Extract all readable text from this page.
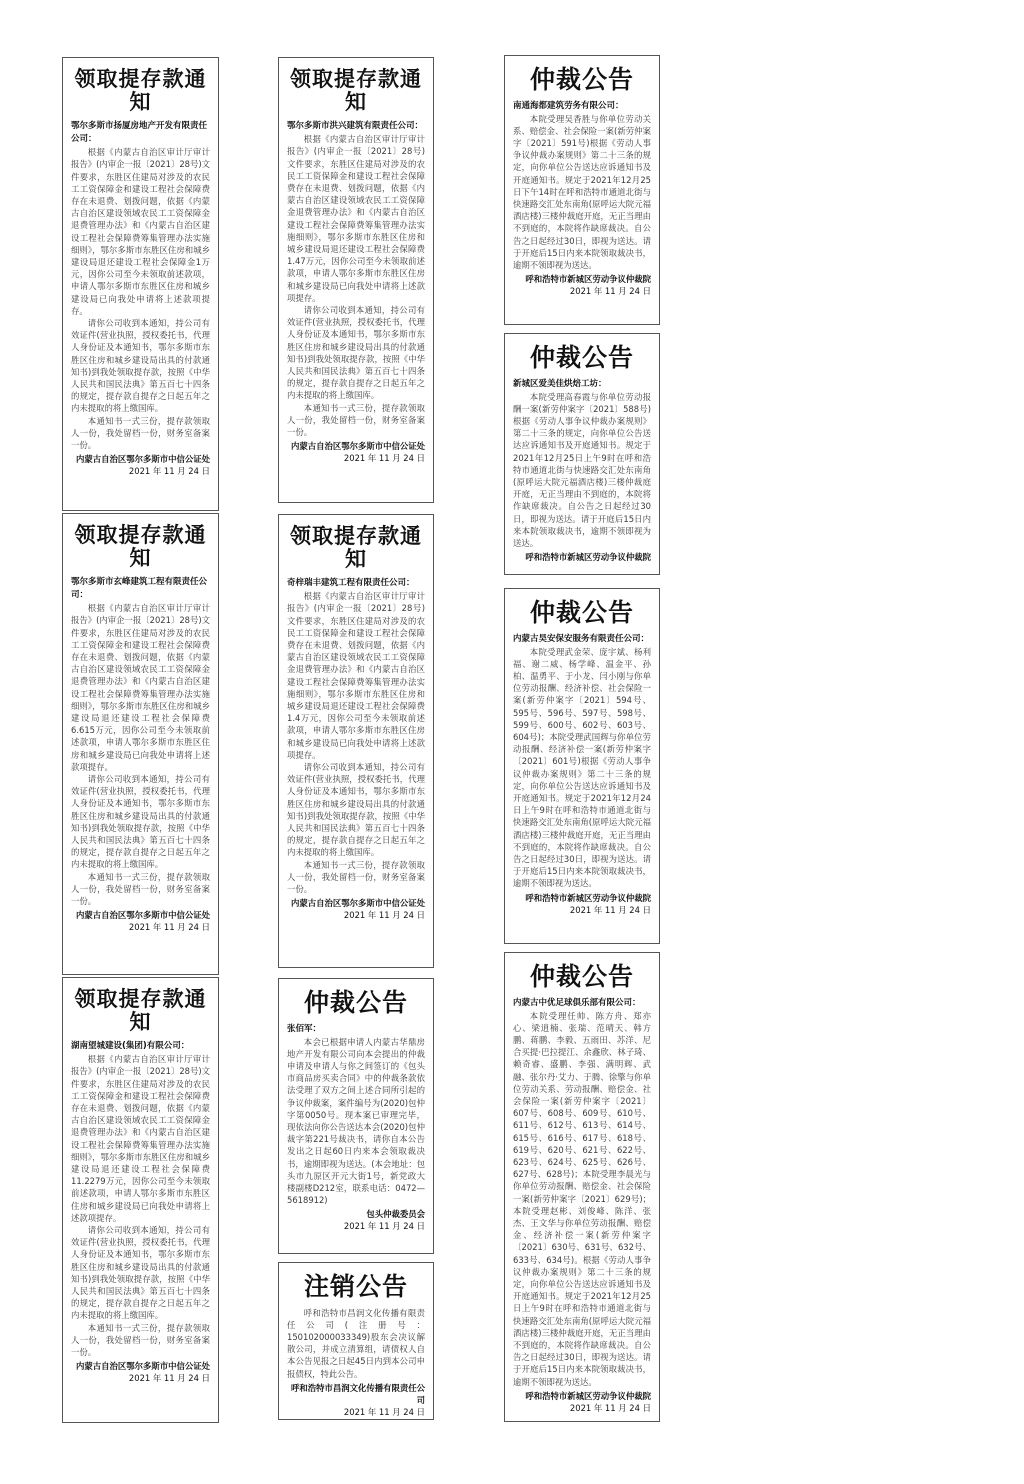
领取提存款通知

鄂尔多斯市扬厦房地产开发有限责任公司：

根据《内蒙古自治区审计厅审计报告》(内审企一报〔2021〕28号)文件要求，东胜区住建局对涉及的农民工工资保障金和建设工程社会保障费存在未退费、划拨问题，依据《内蒙古自治区建设领域农民工工资保障金退费管理办法》和《内蒙古自治区建设工程社会保障费筹集管理办法实施细则》，鄂尔多斯市东胜区住房和城乡建设局退还建设工程社会保障金1万元，因你公司至今未领取前述款项，申请人鄂尔多斯市东胜区住房和城乡建设局已向我处申请将上述款项提存。

请你公司收到本通知，持公司有效证件(营业执照，授权委托书，代理人身份证及本通知书，鄂尔多斯市东胜区住房和城乡建设局出具的付款通知书)到我处领取提存款，按照《中华人民共和国民法典》第五百七十四条的规定，提存款自提存之日起五年之内未提取的将上缴国库。

本通知书一式三份，提存款领取人一份，我处留档一份，财务室备案一份。

内蒙古自治区鄂尔多斯市中信公证处

2021 年 11 月 24 日

领取提存款通知

鄂尔多斯市玄峰建筑工程有限责任公司：

根据《内蒙古自治区审计厅审计报告》(内审企一报〔2021〕28号)文件要求，东胜区住建局对涉及的农民工工资保障金和建设工程社会保障费存在未退费、划拨问题，依据《内蒙古自治区建设领域农民工工资保障金退费管理办法》和《内蒙古自治区建设工程社会保障费筹集管理办法实施细则》，鄂尔多斯市东胜区住房和城乡建设局退还建设工程社会保障费6.615万元，因你公司至今未领取前述款项，申请人鄂尔多斯市东胜区住房和城乡建设局已向我处申请将上述款项提存。

请你公司收到本通知，持公司有效证件(营业执照，授权委托书，代理人身份证及本通知书，鄂尔多斯市东胜区住房和城乡建设局出具的付款通知书)到我处领取提存款，按照《中华人民共和国民法典》第五百七十四条的规定，提存款自提存之日起五年之内未提取的将上缴国库。

本通知书一式三份，提存款领取人一份，我处留档一份，财务室备案一份。

内蒙古自治区鄂尔多斯市中信公证处

2021 年 11 月 24 日

领取提存款通知

湖南望城建设(集团)有限公司：

根据《内蒙古自治区审计厅审计报告》(内审企一报〔2021〕28号)文件要求，东胜区住建局对涉及的农民工工资保障金和建设工程社会保障费存在未退费、划拨问题，依据《内蒙古自治区建设领域农民工工资保障金退费管理办法》和《内蒙古自治区建设工程社会保障费筹集管理办法实施细则》，鄂尔多斯市东胜区住房和城乡建设局退还建设工程社会保障费11.2279万元，因你公司至今未领取前述款项，申请人鄂尔多斯市东胜区住房和城乡建设局已向我处申请将上述款项提存。

请你公司收到本通知，持公司有效证件(营业执照，授权委托书，代理人身份证及本通知书，鄂尔多斯市东胜区住房和城乡建设局出具的付款通知书)到我处领取提存款，按照《中华人民共和国民法典》第五百七十四条的规定，提存款自提存之日起五年之内未提取的将上缴国库。

本通知书一式三份，提存款领取人一份，我处留档一份，财务室备案一份。

内蒙古自治区鄂尔多斯市中信公证处

2021 年 11 月 24 日

领取提存款通知

鄂尔多斯市洪兴建筑有限责任公司：

根据《内蒙古自治区审计厅审计报告》(内审企一报〔2021〕28号)文件要求，东胜区住建局对涉及的农民工工资保障金和建设工程社会保障费存在未退费、划拨问题，依据《内蒙古自治区建设领域农民工工资保障金退费管理办法》和《内蒙古自治区建设工程社会保障费筹集管理办法实施细则》，鄂尔多斯市东胜区住房和城乡建设局退还建设工程社会保障费1.47万元，因你公司至今未领取前述款项，申请人鄂尔多斯市东胜区住房和城乡建设局已向我处申请将上述款项提存。

请你公司收到本通知，持公司有效证件(营业执照，授权委托书，代理人身份证及本通知书，鄂尔多斯市东胜区住房和城乡建设局出具的付款通知书)到我处领取提存款，按照《中华人民共和国民法典》第五百七十四条的规定，提存款自提存之日起五年之内未提取的将上缴国库。

本通知书一式三份，提存款领取人一份，我处留档一份，财务室备案一份。

内蒙古自治区鄂尔多斯市中信公证处

2021 年 11 月 24 日

领取提存款通知

奇梓瑞丰建筑工程有限责任公司：

根据《内蒙古自治区审计厅审计报告》(内审企一报〔2021〕28号)文件要求，东胜区住建局对涉及的农民工工资保障金和建设工程社会保障费存在未退费、划拨问题，依据《内蒙古自治区建设领域农民工工资保障金退费管理办法》和《内蒙古自治区建设工程社会保障费筹集管理办法实施细则》，鄂尔多斯市东胜区住房和城乡建设局退还建设工程社会保障费1.4万元，因你公司至今未领取前述款项，申请人鄂尔多斯市东胜区住房和城乡建设局已向我处申请将上述款项提存。

请你公司收到本通知，持公司有效证件(营业执照，授权委托书，代理人身份证及本通知书，鄂尔多斯市东胜区住房和城乡建设局出具的付款通知书)到我处领取提存款，按照《中华人民共和国民法典》第五百七十四条的规定，提存款自提存之日起五年之内未提取的将上缴国库。

本通知书一式三份，提存款领取人一份，我处留档一份，财务室备案一份。

内蒙古自治区鄂尔多斯市中信公证处

2021 年 11 月 24 日

仲裁公告

张佰军：

本会已根据申请人内蒙古华鼎房地产开发有限公司向本会提出的仲裁申请及申请人与你之间签订的《包头市商品房买卖合同》中的仲裁条款依法受理了双方之间上述合同所引起的争议仲裁案，案件编号为(2020)包仲字第0050号。现本案已审理完毕，现依法向你公告送达本会(2020)包仲裁字第221号裁决书，请你自本公告发出之日起60日内来本会领取裁决书，逾期即视为送达。(本会地址：包头市九原区开元大街1号，新党政大楼副楼D212室，联系电话：0472—5618912)

包头仲裁委员会

2021 年 11 月 24 日

注销公告

呼和浩特市昌润文化传播有限责任公司(注册号：150102000033349)股东会决议解散公司，并成立清算组，请债权人自本公告见报之日起45日内到本公司申报债权，特此公告。

呼和浩特市昌润文化传播有限责任公司

2021 年 11 月 24 日

仲裁公告

南通海都建筑劳务有限公司：

本院受理吴香胜与你单位劳动关系、赔偿金、社会保险一案(新劳仲案字〔2021〕591号)根据《劳动人事争议仲裁办案规则》第二十三条的规定，向你单位公告送达应诉通知书及开庭通知书。规定于2021年12月25日下午14时在呼和浩特市通道北街与快速路交汇处东南角(原呼运大院元福酒店楼)三楼仲裁庭开庭，无正当理由不到庭的，本院将作缺席裁决。自公告之日起经过30日，即视为送达。请于开庭后15日内来本院领取裁决书，逾期不领即视为送达。

呼和浩特市新城区劳动争议仲裁院

2021 年 11 月 24 日

仲裁公告

新城区爱美佳烘焙工坊：

本院受理高春霞与你单位劳动报酬一案(新劳仲案字〔2021〕588号)根据《劳动人事争议仲裁办案规则》第二十三条的规定，向你单位公告送达应诉通知书及开庭通知书。规定于2021年12月25日上午9时在呼和浩特市通道北街与快速路交汇处东南角(原呼运大院元福酒店楼)三楼仲裁庭开庭，无正当理由不到庭的，本院将作缺席裁决。自公告之日起经过30日，即视为送达。请于开庭后15日内来本院领取裁决书，逾期不领即视为送达。

呼和浩特市新城区劳动争议仲裁院

仲裁公告

内蒙古昊安保安服务有限责任公司：

本院受理武金荣、庞宇斌、杨利福、谢二威、杨学峰、温金平、孙柏、温勇平、于小龙、闫小刚与你单位劳动报酬、经济补偿、社会保险一案(新劳仲案字〔2021〕594号、595号、596号、597号、598号、599号、600号、602号、603号、604号)；本院受理武国辉与你单位劳动报酬、经济补偿一案(新劳仲案字〔2021〕601号)根据《劳动人事争议仲裁办案规则》第二十三条的规定，向你单位公告送达应诉通知书及开庭通知书。规定于2021年12月24日上午9时在呼和浩特市通道北街与快速路交汇处东南角(原呼运大院元福酒店楼)三楼仲裁庭开庭，无正当理由不到庭的，本院将作缺席裁决。自公告之日起经过30日，即视为送达。请于开庭后15日内来本院领取裁决书，逾期不领即视为送达。

呼和浩特市新城区劳动争议仲裁院

2021 年 11 月 24 日

仲裁公告

内蒙古中优足球俱乐部有限公司：

本院受理任帅、陈方舟、郑亦心、梁逍楠、张瑞、范晴天、韩方鹏、蒋鹏、李毅、五雨田、苏洋、尼合买提·巴拉提江、余鑫欣、林子琦、赖奇睿、盛鹏、李强、满明辉、武融、张尔丹·艾力、于腾、徐擎与你单位劳动关系、劳动报酬、赔偿金、社会保险一案(新劳仲案字〔2021〕607号、608号、609号、610号、611号、612号、613号、614号、615号、616号、617号、618号、619号、620号、621号、622号、623号、624号、625号、626号、627号、628号)；本院受理李晨光与你单位劳动报酬、赔偿金、社会保险一案(新劳仲案字〔2021〕629号)；本院受理赵彬、刘俊峰、陈洋、张杰、王文华与你单位劳动报酬、赔偿金、经济补偿一案(新劳仲案字〔2021〕630号、631号、632号、633号、634号)。根据《劳动人事争议仲裁办案规则》第二十三条的规定，向你单位公告送达应诉通知书及开庭通知书。规定于2021年12月25日上午9时在呼和浩特市通道北街与快速路交汇处东南角(原呼运大院元福酒店楼)三楼仲裁庭开庭，无正当理由不到庭的，本院将作缺席裁决。自公告之日起经过30日，即视为送达。请于开庭后15日内来本院领取裁决书，逾期不领即视为送达。

呼和浩特市新城区劳动争议仲裁院

2021 年 11 月 24 日
